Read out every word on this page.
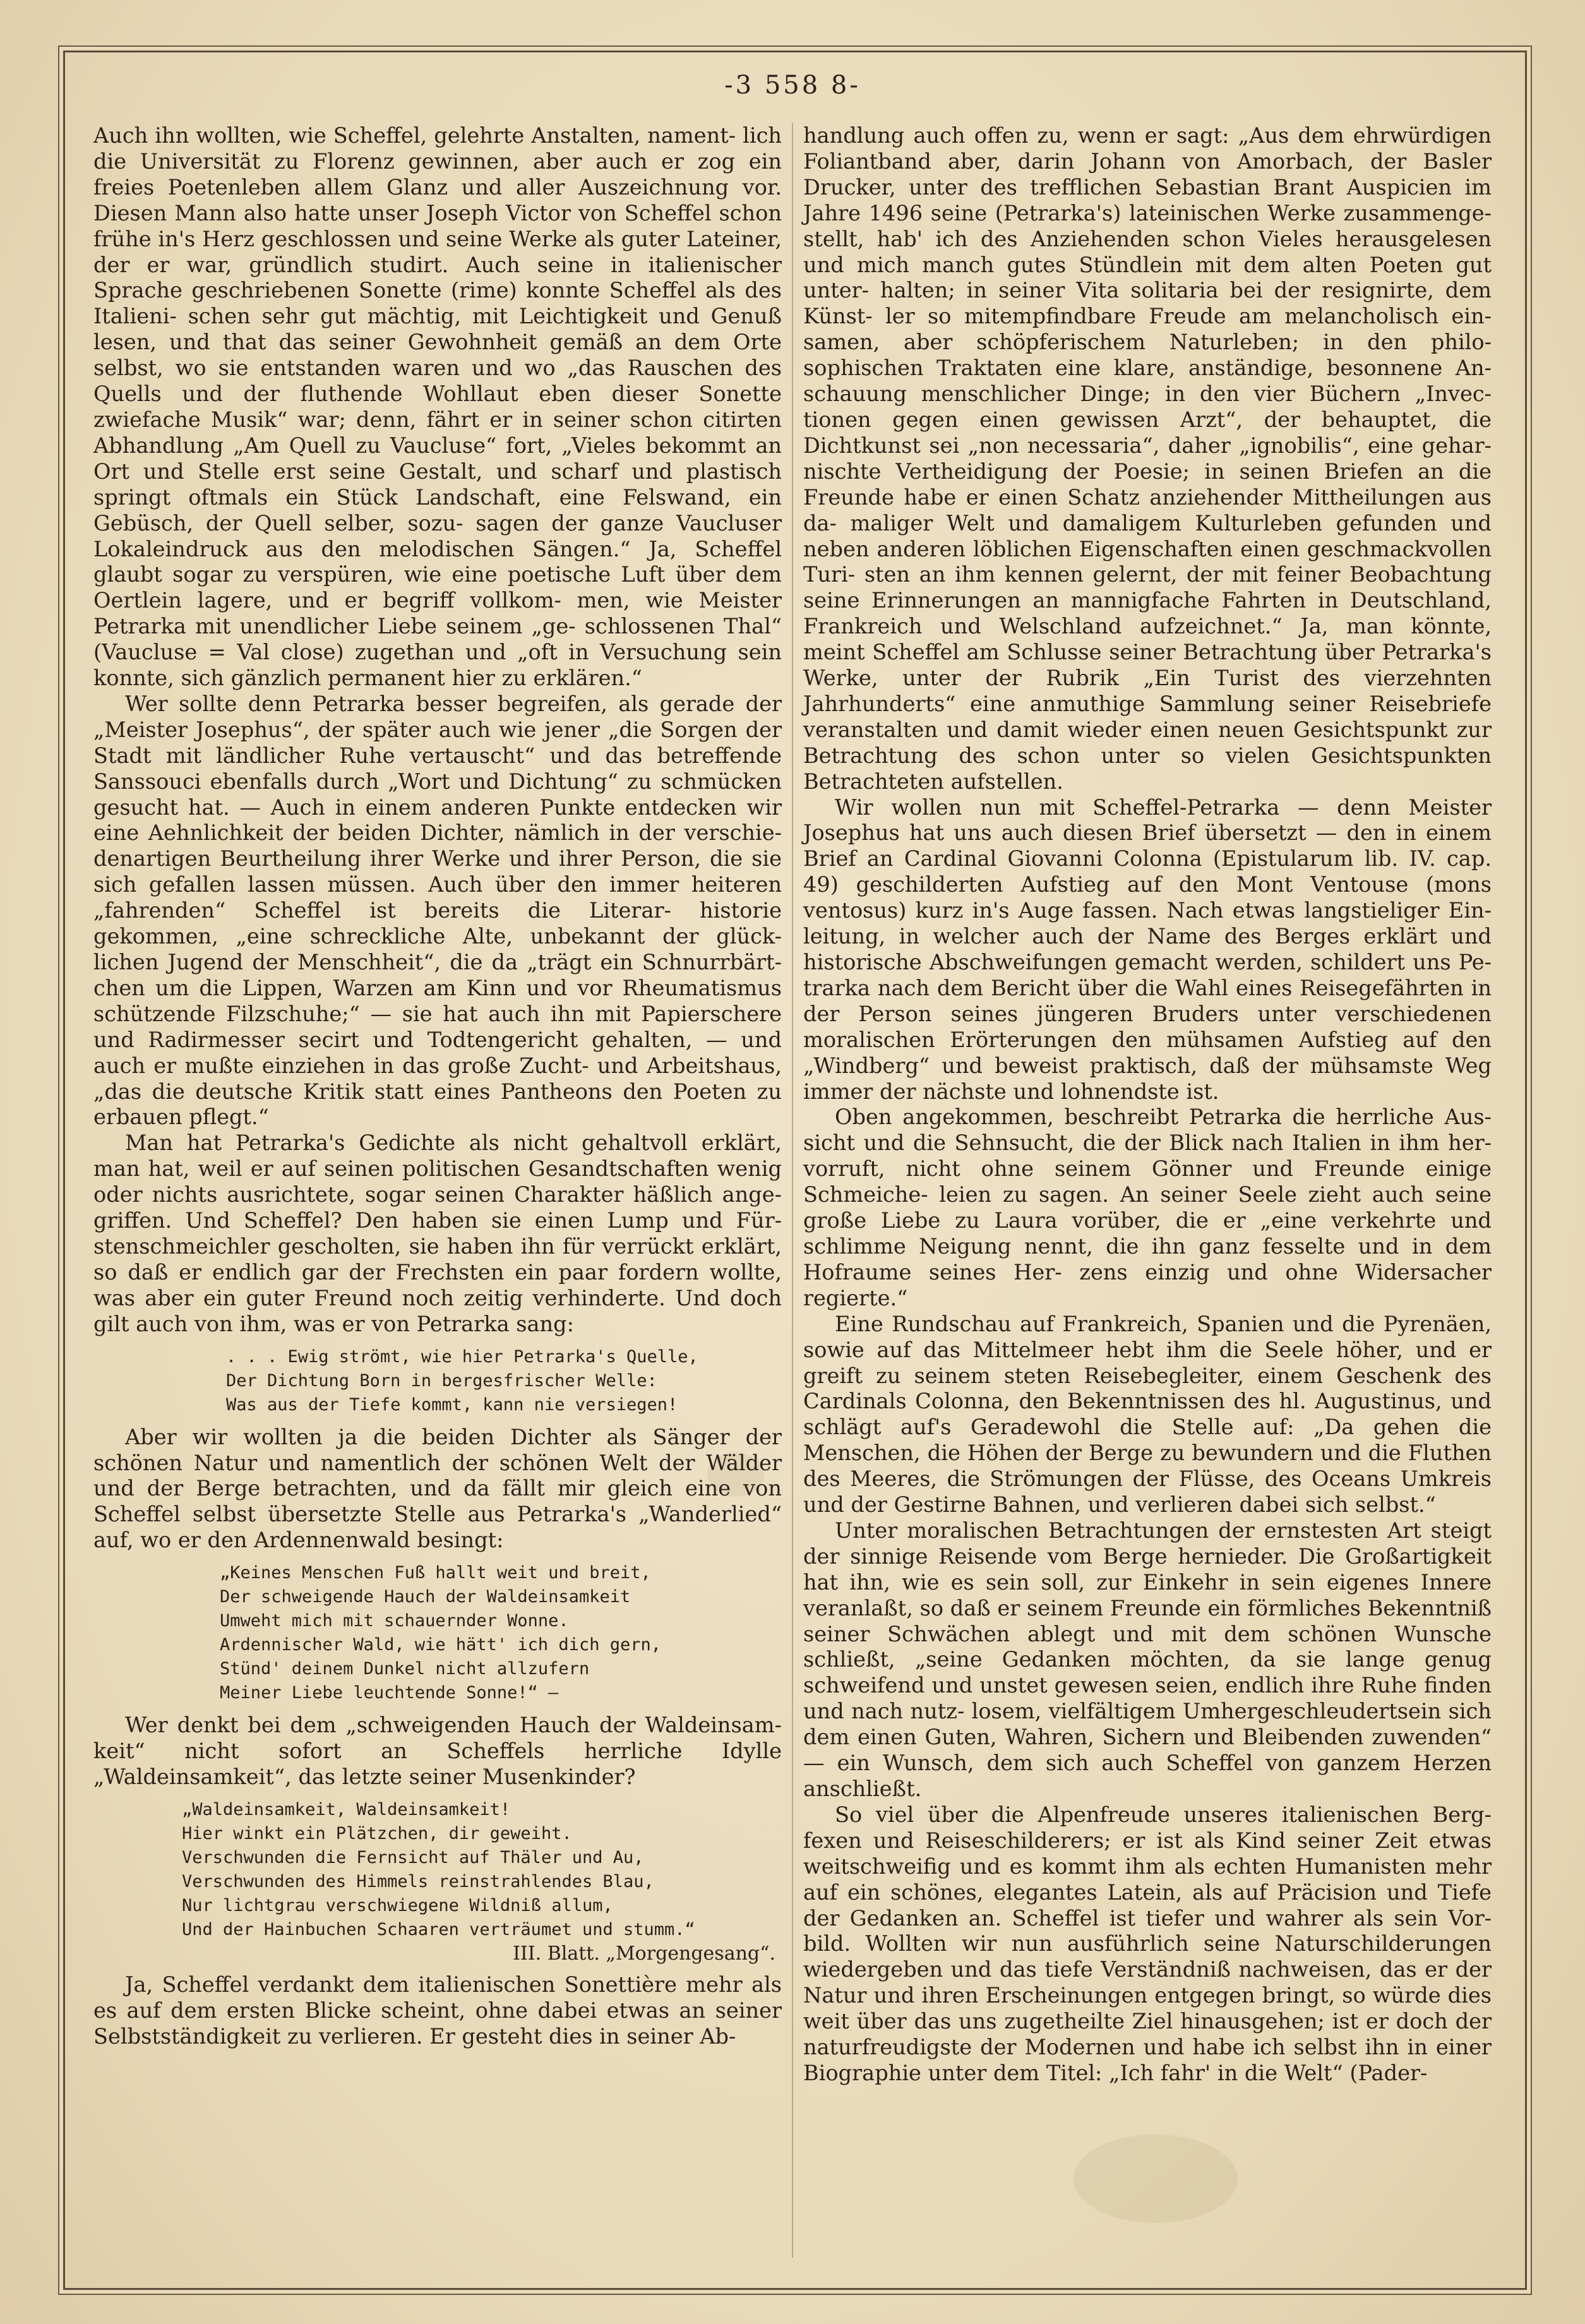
-3 558 8-

Auch ihn wollten, wie Scheffel, gelehrte Anstalten, nament- lich die Universität zu Florenz gewinnen, aber auch er zog ein freies Poetenleben allem Glanz und aller Auszeichnung vor. Diesen Mann also hatte unser Joseph Victor von Scheffel schon frühe in's Herz geschlossen und seine Werke als guter Lateiner, der er war, gründlich studirt. Auch seine in italienischer Sprache geschriebenen Sonette (rime) konnte Scheffel als des Italieni- schen sehr gut mächtig, mit Leichtigkeit und Genuß lesen, und that das seiner Gewohnheit gemäß an dem Orte selbst, wo sie entstanden waren und wo „das Rauschen des Quells und der fluthende Wohllaut eben dieser Sonette zwiefache Musik“ war; denn, fährt er in seiner schon citirten Abhandlung „Am Quell zu Vaucluse“ fort, „Vieles bekommt an Ort und Stelle erst seine Gestalt, und scharf und plastisch springt oftmals ein Stück Landschaft, eine Felswand, ein Gebüsch, der Quell selber, sozu- sagen der ganze Vaucluser Lokaleindruck aus den melodischen Sängen.“ Ja, Scheffel glaubt sogar zu verspüren, wie eine poetische Luft über dem Oertlein lagere, und er begriff vollkom- men, wie Meister Petrarka mit unendlicher Liebe seinem „ge- schlossenen Thal“ (Vaucluse = Val close) zugethan und „oft in Versuchung sein konnte, sich gänzlich permanent hier zu erklären.“

Wer sollte denn Petrarka besser begreifen, als gerade der „Meister Josephus“, der später auch wie jener „die Sorgen der Stadt mit ländlicher Ruhe vertauscht“ und das betreffende Sanssouci ebenfalls durch „Wort und Dichtung“ zu schmücken gesucht hat. — Auch in einem anderen Punkte entdecken wir eine Aehnlichkeit der beiden Dichter, nämlich in der verschie- denartigen Beurtheilung ihrer Werke und ihrer Person, die sie sich gefallen lassen müssen. Auch über den immer heiteren „fahrenden“ Scheffel ist bereits die Literar- historie gekommen, „eine schreckliche Alte, unbekannt der glück- lichen Jugend der Menschheit“, die da „trägt ein Schnurrbärt- chen um die Lippen, Warzen am Kinn und vor Rheumatismus schützende Filzschuhe;“ — sie hat auch ihn mit Papierschere und Radirmesser secirt und Todtengericht gehalten, — und auch er mußte einziehen in das große Zucht- und Arbeitshaus, „das die deutsche Kritik statt eines Pantheons den Poeten zu erbauen pflegt.“

Man hat Petrarka's Gedichte als nicht gehaltvoll erklärt, man hat, weil er auf seinen politischen Gesandtschaften wenig oder nichts ausrichtete, sogar seinen Charakter häßlich ange- griffen. Und Scheffel? Den haben sie einen Lump und Für- stenschmeichler gescholten, sie haben ihn für verrückt erklärt, so daß er endlich gar der Frechsten ein paar fordern wollte, was aber ein guter Freund noch zeitig verhinderte. Und doch gilt auch von ihm, was er von Petrarka sang:

. . . Ewig strömt, wie hier Petrarka's Quelle,
Der Dichtung Born in bergesfrischer Welle:
Was aus der Tiefe kommt, kann nie versiegen!

Aber wir wollten ja die beiden Dichter als Sänger der schönen Natur und namentlich der schönen Welt der Wälder und der Berge betrachten, und da fällt mir gleich eine von Scheffel selbst übersetzte Stelle aus Petrarka's „Wanderlied“ auf, wo er den Ardennenwald besingt:

„Keines Menschen Fuß hallt weit und breit,
Der schweigende Hauch der Waldeinsamkeit
Umweht mich mit schauernder Wonne.
Ardennischer Wald, wie hätt' ich dich gern,
Stünd' deinem Dunkel nicht allzufern
Meiner Liebe leuchtende Sonne!“ —

Wer denkt bei dem „schweigenden Hauch der Waldeinsam- keit“ nicht sofort an Scheffels herrliche Idylle „Waldeinsamkeit“, das letzte seiner Musenkinder?

„Waldeinsamkeit, Waldeinsamkeit!
Hier winkt ein Plätzchen, dir geweiht.
Verschwunden die Fernsicht auf Thäler und Au,
Verschwunden des Himmels reinstrahlendes Blau,
Nur lichtgrau verschwiegene Wildniß allum,
Und der Hainbuchen Schaaren verträumet und stumm.“
III. Blatt. „Morgengesang“.

Ja, Scheffel verdankt dem italienischen Sonettière mehr als es auf dem ersten Blicke scheint, ohne dabei etwas an seiner Selbstständigkeit zu verlieren. Er gesteht dies in seiner Ab-

handlung auch offen zu, wenn er sagt: „Aus dem ehrwürdigen Foliantband aber, darin Johann von Amorbach, der Basler Drucker, unter des trefflichen Sebastian Brant Auspicien im Jahre 1496 seine (Petrarka's) lateinischen Werke zusammenge- stellt, hab' ich des Anziehenden schon Vieles herausgelesen und mich manch gutes Stündlein mit dem alten Poeten gut unter- halten; in seiner Vita solitaria bei der resignirte, dem Künst- ler so mitempfindbare Freude am melancholisch ein- samen, aber schöpferischem Naturleben; in den philo- sophischen Traktaten eine klare, anständige, besonnene An- schauung menschlicher Dinge; in den vier Büchern „Invec- tionen gegen einen gewissen Arzt“, der behauptet, die Dichtkunst sei „non necessaria“, daher „ignobilis“, eine gehar- nischte Vertheidigung der Poesie; in seinen Briefen an die Freunde habe er einen Schatz anziehender Mittheilungen aus da- maliger Welt und damaligem Kulturleben gefunden und neben anderen löblichen Eigenschaften einen geschmackvollen Turi- sten an ihm kennen gelernt, der mit feiner Beobachtung seine Erinnerungen an mannigfache Fahrten in Deutschland, Frankreich und Welschland aufzeichnet.“ Ja, man könnte, meint Scheffel am Schlusse seiner Betrachtung über Petrarka's Werke, unter der Rubrik „Ein Turist des vierzehnten Jahrhunderts“ eine anmuthige Sammlung seiner Reisebriefe veranstalten und damit wieder einen neuen Gesichtspunkt zur Betrachtung des schon unter so vielen Gesichtspunkten Betrachteten aufstellen.

Wir wollen nun mit Scheffel-Petrarka — denn Meister Josephus hat uns auch diesen Brief übersetzt — den in einem Brief an Cardinal Giovanni Colonna (Epistularum lib. IV. cap. 49) geschilderten Aufstieg auf den Mont Ventouse (mons ventosus) kurz in's Auge fassen. Nach etwas langstieliger Ein- leitung, in welcher auch der Name des Berges erklärt und historische Abschweifungen gemacht werden, schildert uns Pe- trarka nach dem Bericht über die Wahl eines Reisegefährten in der Person seines jüngeren Bruders unter verschiedenen moralischen Erörterungen den mühsamen Aufstieg auf den „Windberg“ und beweist praktisch, daß der mühsamste Weg immer der nächste und lohnendste ist.

Oben angekommen, beschreibt Petrarka die herrliche Aus- sicht und die Sehnsucht, die der Blick nach Italien in ihm her- vorruft, nicht ohne seinem Gönner und Freunde einige Schmeiche- leien zu sagen. An seiner Seele zieht auch seine große Liebe zu Laura vorüber, die er „eine verkehrte und schlimme Neigung nennt, die ihn ganz fesselte und in dem Hofraume seines Her- zens einzig und ohne Widersacher regierte.“

Eine Rundschau auf Frankreich, Spanien und die Pyrenäen, sowie auf das Mittelmeer hebt ihm die Seele höher, und er greift zu seinem steten Reisebegleiter, einem Geschenk des Cardinals Colonna, den Bekenntnissen des hl. Augustinus, und schlägt auf's Geradewohl die Stelle auf: „Da gehen die Menschen, die Höhen der Berge zu bewundern und die Fluthen des Meeres, die Strömungen der Flüsse, des Oceans Umkreis und der Gestirne Bahnen, und verlieren dabei sich selbst.“

Unter moralischen Betrachtungen der ernstesten Art steigt der sinnige Reisende vom Berge hernieder. Die Großartigkeit hat ihn, wie es sein soll, zur Einkehr in sein eigenes Innere veranlaßt, so daß er seinem Freunde ein förmliches Bekenntniß seiner Schwächen ablegt und mit dem schönen Wunsche schließt, „seine Gedanken möchten, da sie lange genug schweifend und unstet gewesen seien, endlich ihre Ruhe finden und nach nutz- losem, vielfältigem Umhergeschleudertsein sich dem einen Guten, Wahren, Sichern und Bleibenden zuwenden“ — ein Wunsch, dem sich auch Scheffel von ganzem Herzen anschließt.

So viel über die Alpenfreude unseres italienischen Berg- fexen und Reiseschilderers; er ist als Kind seiner Zeit etwas weitschweifig und es kommt ihm als echten Humanisten mehr auf ein schönes, elegantes Latein, als auf Präcision und Tiefe der Gedanken an. Scheffel ist tiefer und wahrer als sein Vor- bild. Wollten wir nun ausführlich seine Naturschilderungen wiedergeben und das tiefe Verständniß nachweisen, das er der Natur und ihren Erscheinungen entgegen bringt, so würde dies weit über das uns zugetheilte Ziel hinausgehen; ist er doch der naturfreudigste der Modernen und habe ich selbst ihn in einer Biographie unter dem Titel: „Ich fahr' in die Welt“ (Pader-
